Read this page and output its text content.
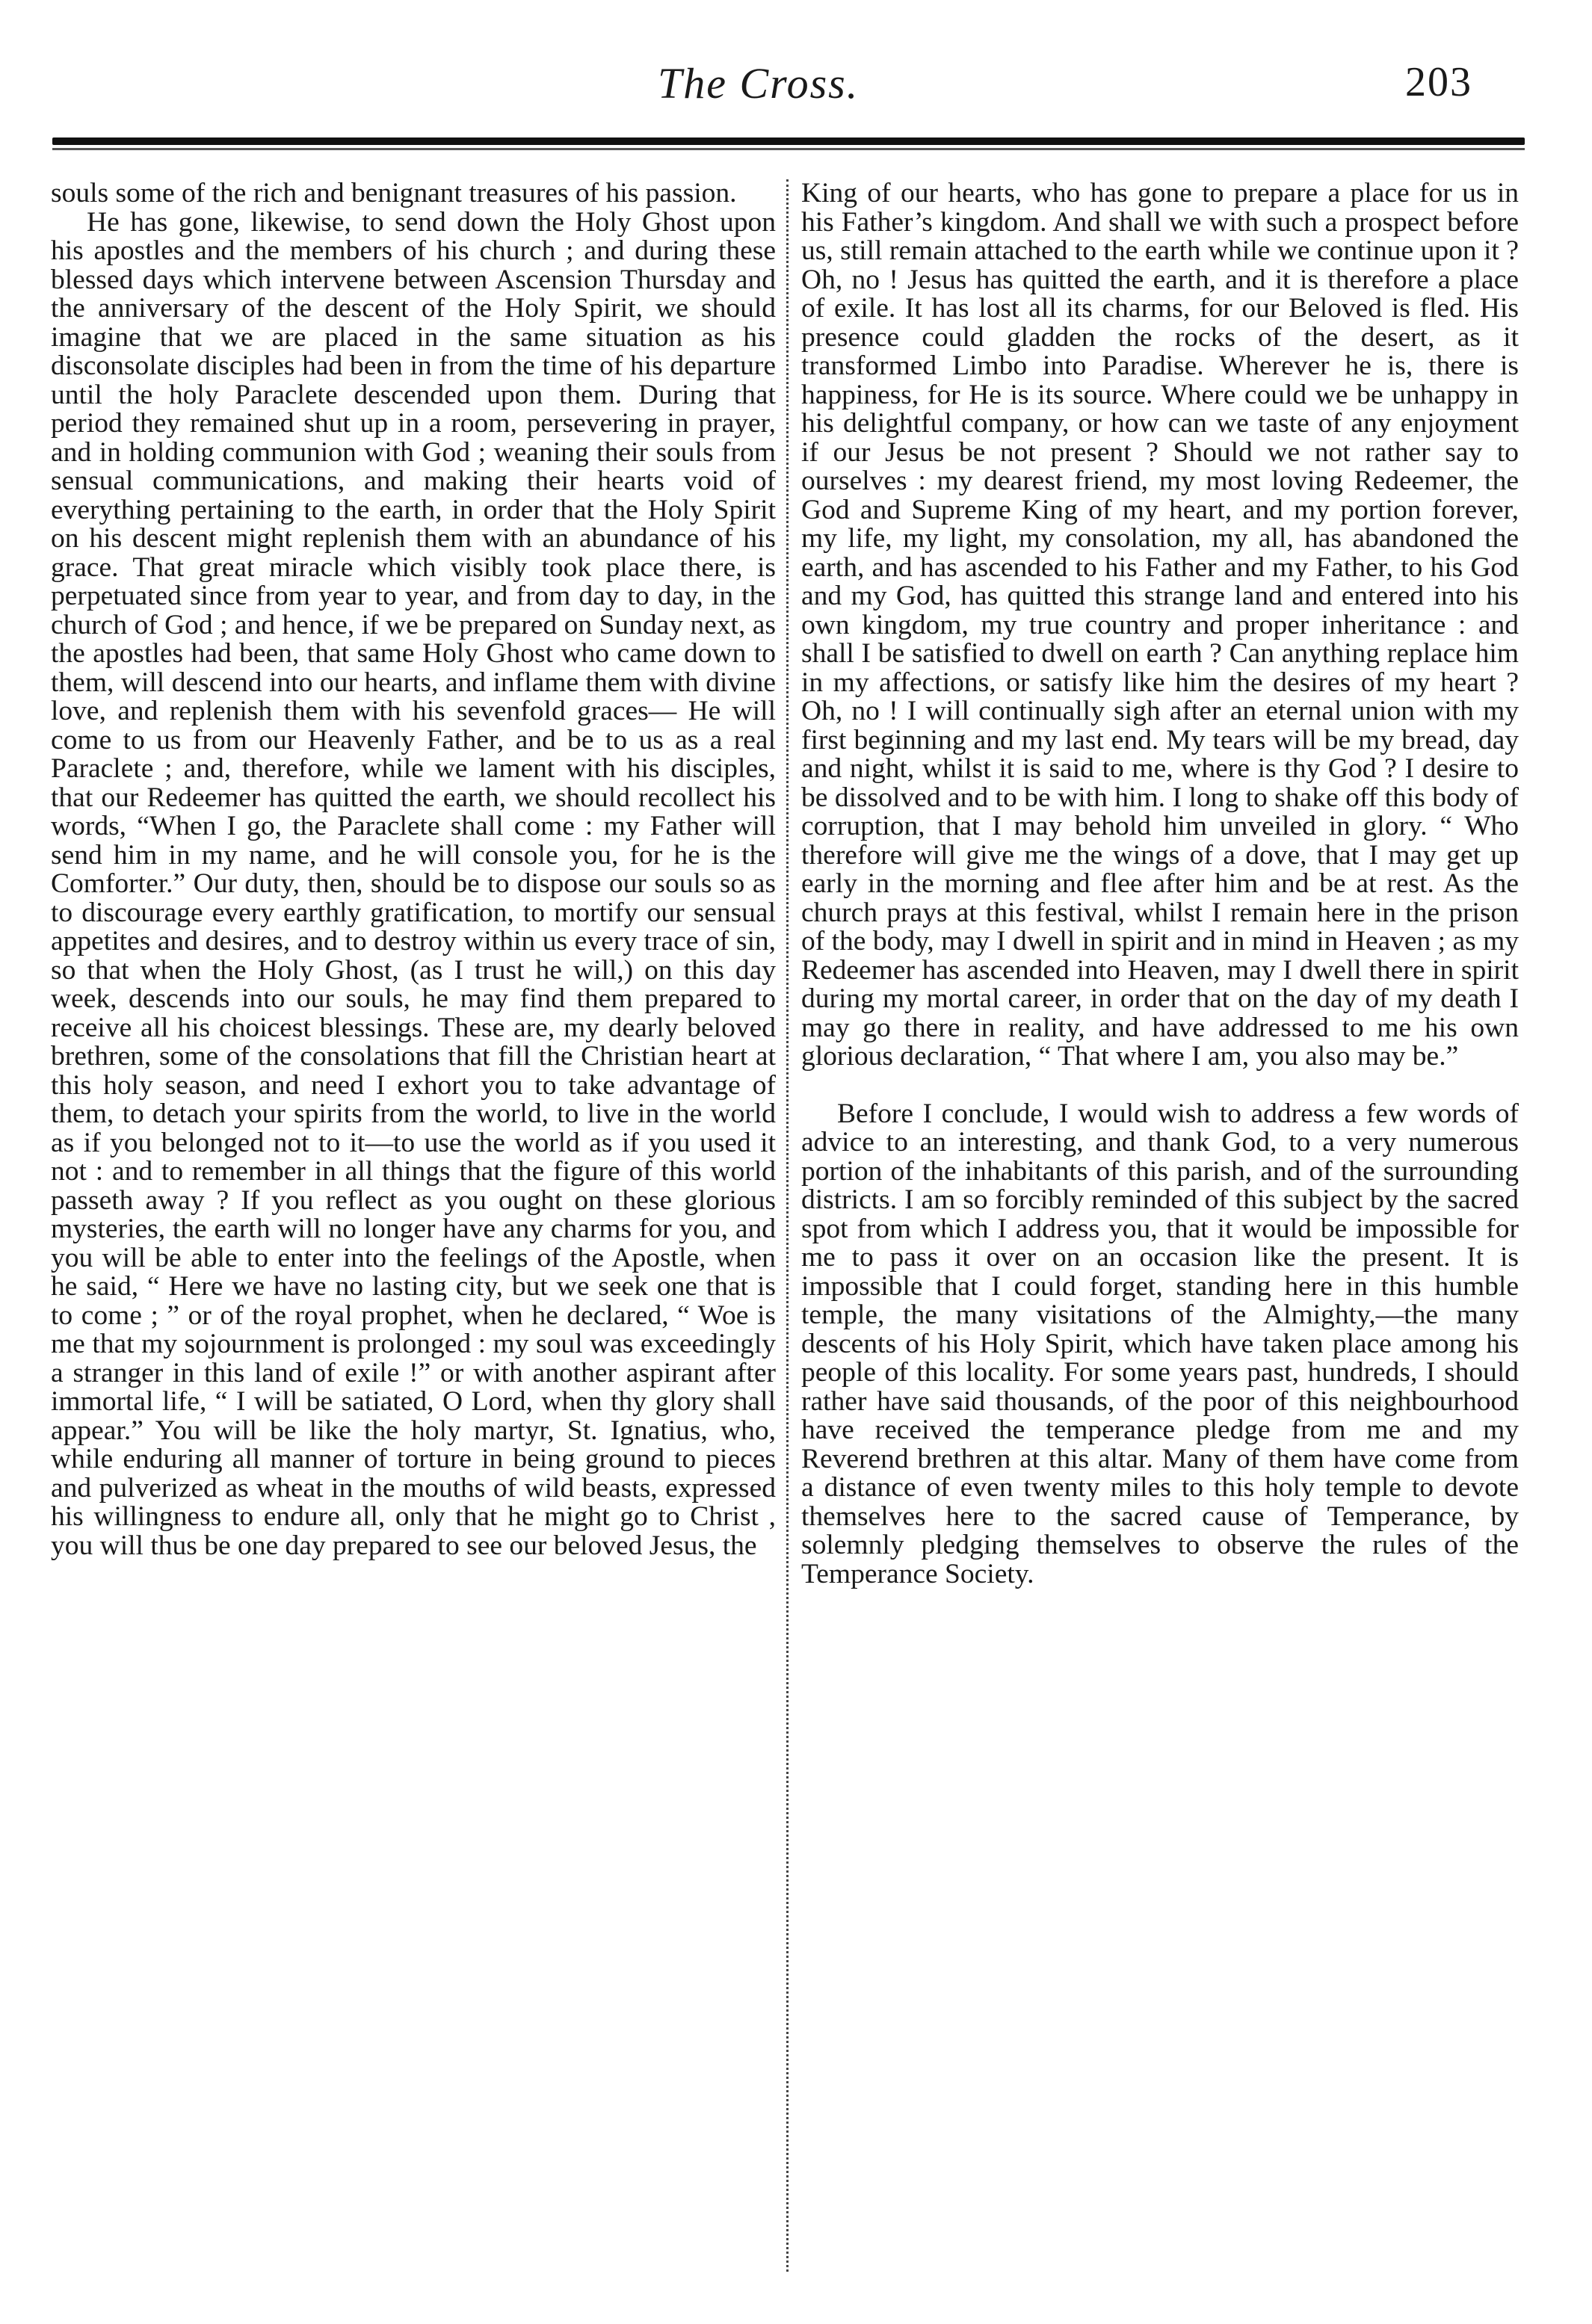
The Cross.	203

souls some of the rich and benignant treasures of his passion.

He has gone, likewise, to send down the Holy Ghost upon his apostles and the members of his church ; and during these blessed days which intervene between Ascension Thursday and the anniversary of the descent of the Holy Spirit, we should imagine that we are placed in the same situation as his disconsolate disciples had been in from the time of his departure until the holy Paraclete descended upon them. During that period they remained shut up in a room, persevering in prayer, and in holding communion with God ; weaning their souls from sensual communications, and making their hearts void of everything pertaining to the earth, in order that the Holy Spirit on his descent might replenish them with an abundance of his grace. That great miracle which visibly took place there, is perpetuated since from year to year, and from day to day, in the church of God ; and hence, if we be prepared on Sunday next, as the apostles had been, that same Holy Ghost who came down to them, will descend into our hearts, and inflame them with divine love, and replenish them with his sevenfold graces— He will come to us from our Heavenly Father, and be to us as a real Paraclete ; and, therefore, while we lament with his disciples, that our Redeemer has quitted the earth, we should recollect his words, “When I go, the Paraclete shall come : my Father will send him in my name, and he will console you, for he is the Comforter.” Our duty, then, should be to dispose our souls so as to discourage every earthly gratification, to mortify our sensual appetites and desires, and to destroy within us every trace of sin, so that when the Holy Ghost, (as I trust he will,) on this day week, descends into our souls, he may find them prepared to receive all his choicest blessings. These are, my dearly beloved brethren, some of the consolations that fill the Christian heart at this holy season, and need I exhort you to take advantage of them, to detach your spirits from the world, to live in the world as if you belonged not to it—to use the world as if you used it not : and to remember in all things that the figure of this world passeth away ? If you reflect as you ought on these glorious mysteries, the earth will no longer have any charms for you, and you will be able to enter into the feelings of the Apostle, when he said, “ Here we have no lasting city, but we seek one that is to come ; ” or of the royal prophet, when he declared, “ Woe is me that my sojournment is prolonged : my soul was exceedingly a stranger in this land of exile !” or with another aspirant after immortal life, “ I will be satiated, O Lord, when thy glory shall appear.” You will be like the holy martyr, St. Ignatius, who, while enduring all manner of torture in being ground to pieces and pulverized as wheat in the mouths of wild beasts, expressed his willingness to endure all, only that he might go to Christ , you will thus be one day prepared to see our beloved Jesus, the

King of our hearts, who has gone to prepare a place for us in his Father’s kingdom. And shall we with such a prospect before us, still remain attached to the earth while we continue upon it ? Oh, no ! Jesus has quitted the earth, and it is therefore a place of exile. It has lost all its charms, for our Beloved is fled. His presence could gladden the rocks of the desert, as it transformed Limbo into Paradise. Wherever he is, there is happiness, for He is its source. Where could we be unhappy in his delightful company, or how can we taste of any enjoyment if our Jesus be not present ? Should we not rather say to ourselves : my dearest friend, my most loving Redeemer, the God and Supreme King of my heart, and my portion forever, my life, my light, my consolation, my all, has abandoned the earth, and has ascended to his Father and my Father, to his God and my God, has quitted this strange land and entered into his own kingdom, my true country and proper inheritance : and shall I be satisfied to dwell on earth ? Can anything replace him in my affections, or satisfy like him the desires of my heart ? Oh, no ! I will continually sigh after an eternal union with my first beginning and my last end. My tears will be my bread, day and night, whilst it is said to me, where is thy God ? I desire to be dissolved and to be with him. I long to shake off this body of corruption, that I may behold him unveiled in glory. “ Who therefore will give me the wings of a dove, that I may get up early in the morning and flee after him and be at rest. As the church prays at this festival, whilst I remain here in the prison of the body, may I dwell in spirit and in mind in Heaven ; as my Redeemer has ascended into Heaven, may I dwell there in spirit during my mortal career, in order that on the day of my death I may go there in reality, and have addressed to me his own glorious declaration, “ That where I am, you also may be.”

Before I conclude, I would wish to address a few words of advice to an interesting, and thank God, to a very numerous portion of the inhabitants of this parish, and of the surrounding districts. I am so forcibly reminded of this subject by the sacred spot from which I address you, that it would be impossible for me to pass it over on an occasion like the present. It is impossible that I could forget, standing here in this humble temple, the many visitations of the Almighty,—the many descents of his Holy Spirit, which have taken place among his people of this locality. For some years past, hundreds, I should rather have said thousands, of the poor of this neighbourhood have received the temperance pledge from me and my Reverend brethren at this altar. Many of them have come from a distance of even twenty miles to this holy temple to devote themselves here to the sacred cause of Temperance, by solemnly pledging themselves to observe the rules of the Temperance Society.
